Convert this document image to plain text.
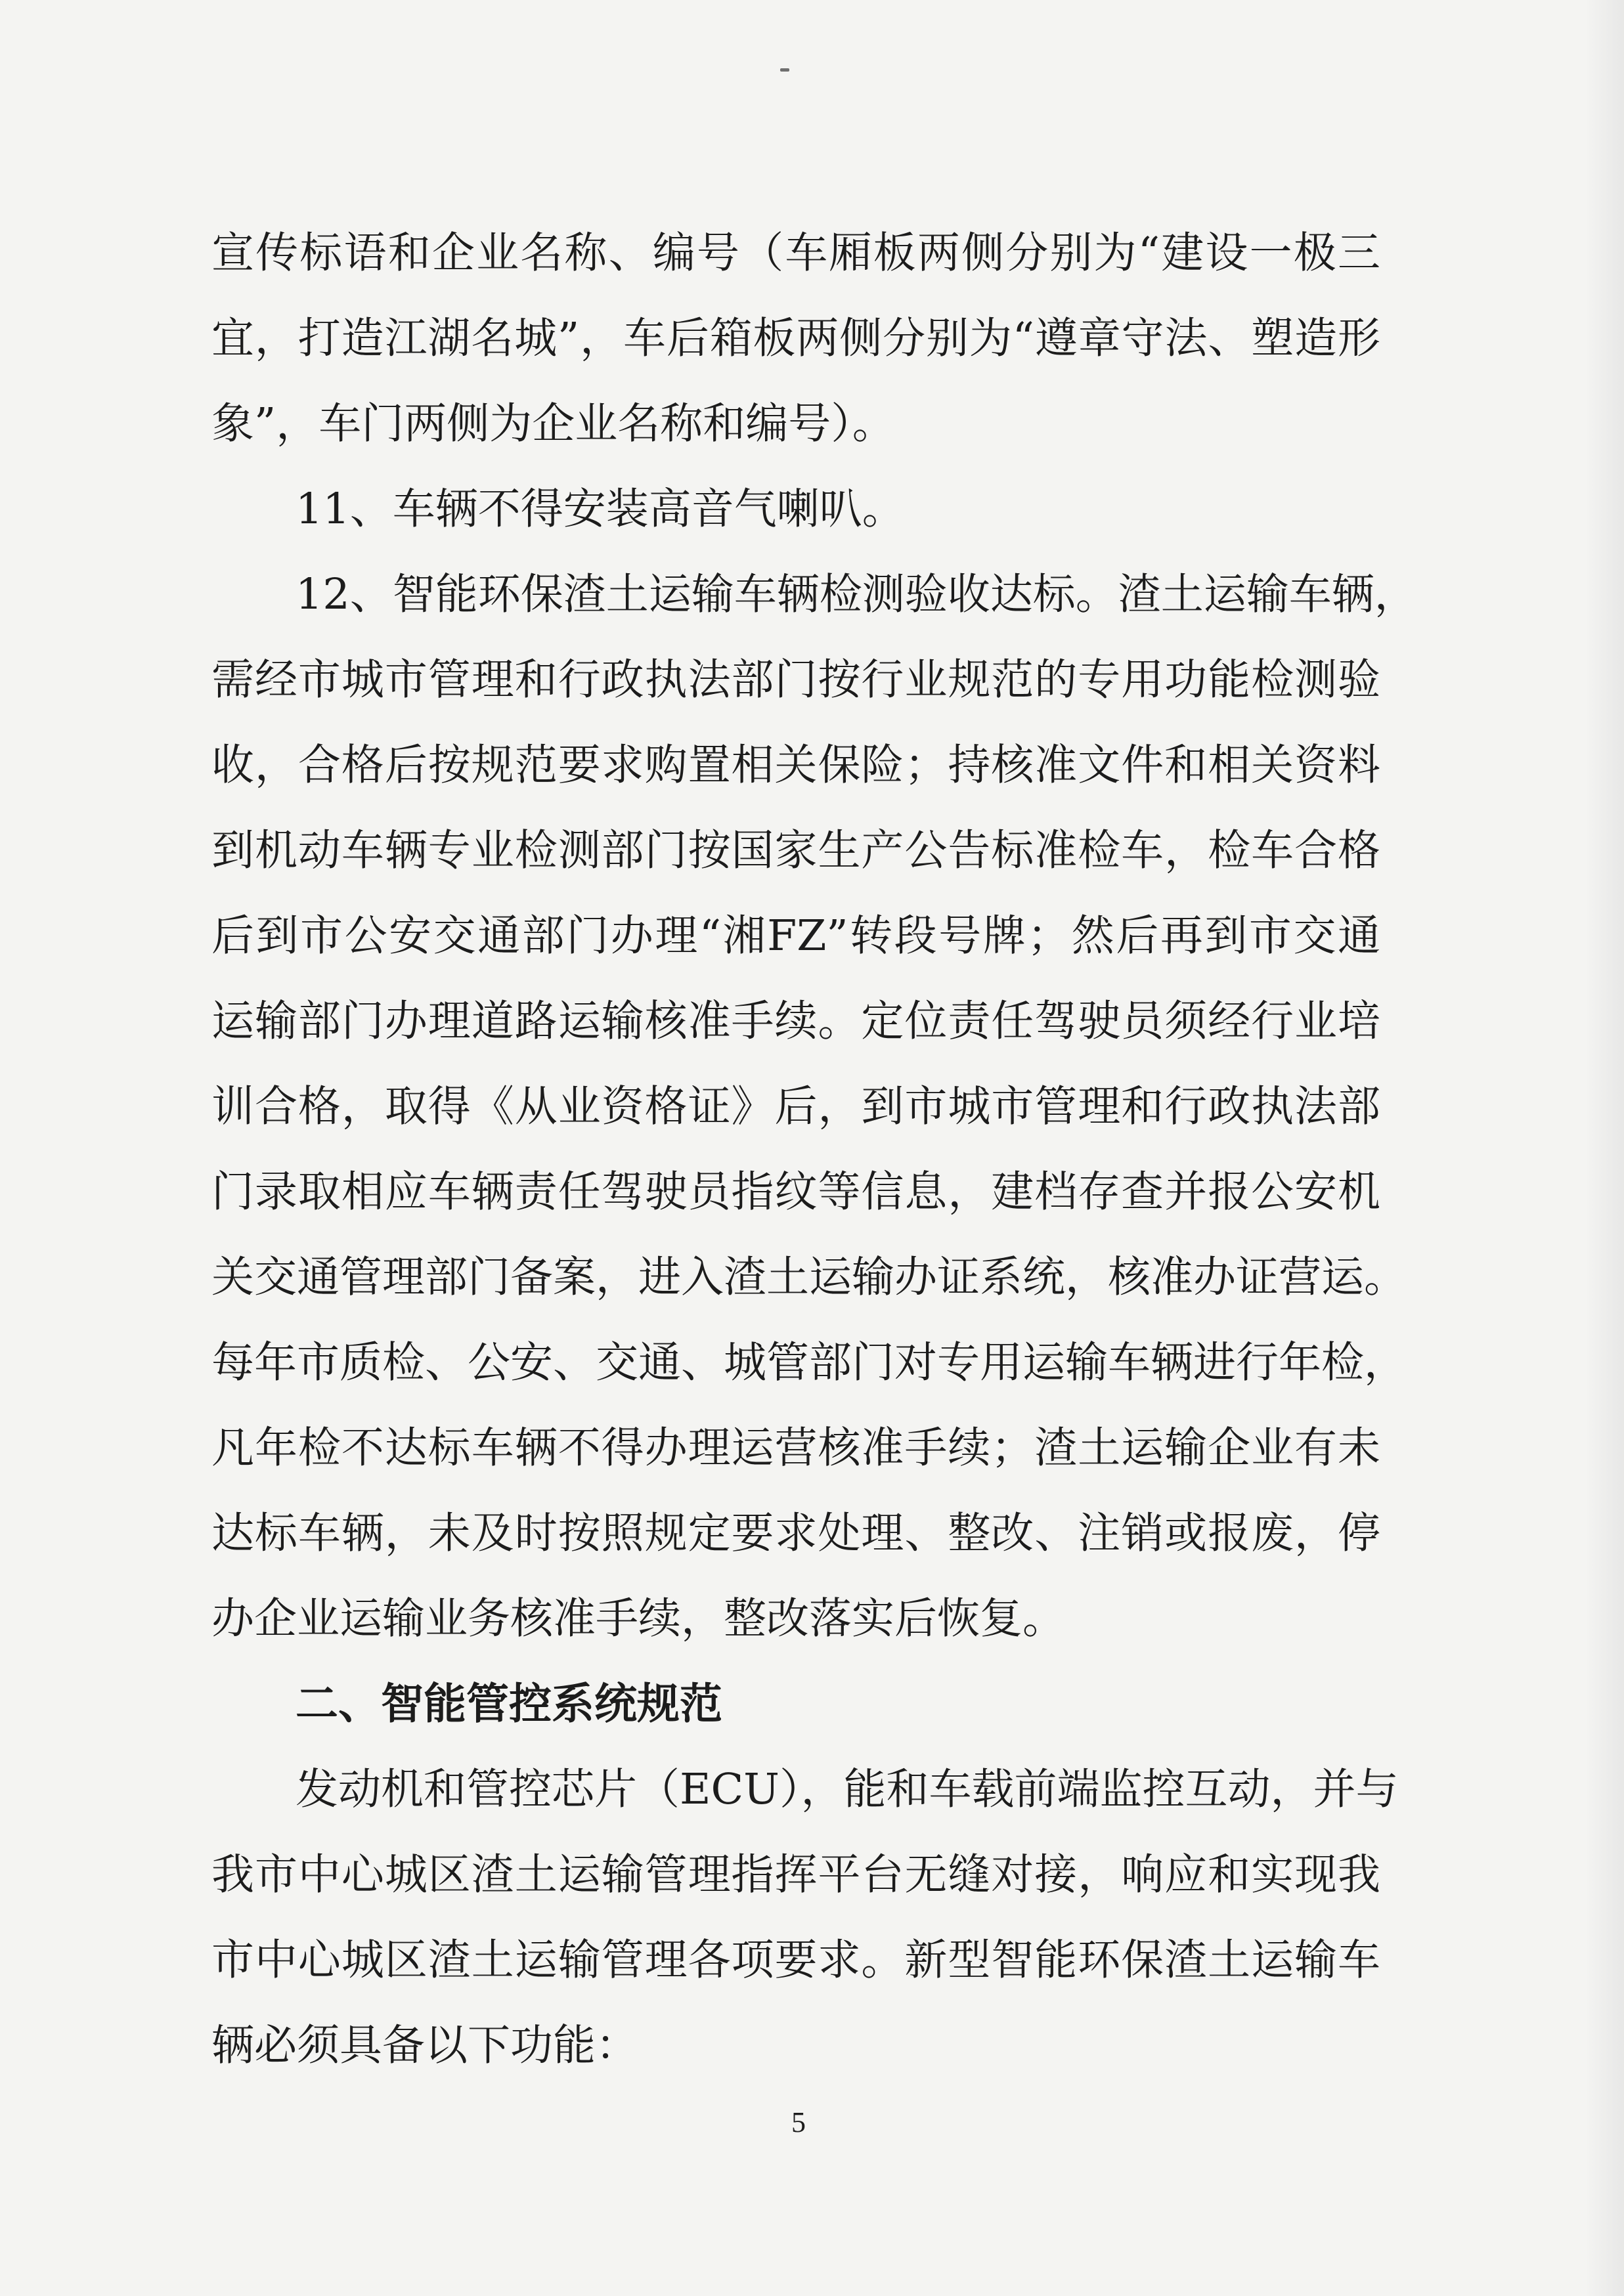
宣传标语和企业名称、编号（车厢板两侧分别为“建设一极三
宜，打造江湖名城”，车后箱板两侧分别为“遵章守法、塑造形
象”，车门两侧为企业名称和编号）。
11、车辆不得安装高音气喇叭。
12、智能环保渣土运输车辆检测验收达标。渣土运输车辆，
需经市城市管理和行政执法部门按行业规范的专用功能检测验
收，合格后按规范要求购置相关保险；持核准文件和相关资料
到机动车辆专业检测部门按国家生产公告标准检车，检车合格
后到市公安交通部门办理“湘FZ”转段号牌；然后再到市交通
运输部门办理道路运输核准手续。定位责任驾驶员须经行业培
训合格，取得《从业资格证》后，到市城市管理和行政执法部
门录取相应车辆责任驾驶员指纹等信息，建档存查并报公安机
关交通管理部门备案，进入渣土运输办证系统，核准办证营运。
每年市质检、公安、交通、城管部门对专用运输车辆进行年检，
凡年检不达标车辆不得办理运营核准手续；渣土运输企业有未
达标车辆，未及时按照规定要求处理、整改、注销或报废，停
办企业运输业务核准手续，整改落实后恢复。
二、智能管控系统规范
发动机和管控芯片（ECU），能和车载前端监控互动，并与
我市中心城区渣土运输管理指挥平台无缝对接，响应和实现我
市中心城区渣土运输管理各项要求。新型智能环保渣土运输车
辆必须具备以下功能：
5
